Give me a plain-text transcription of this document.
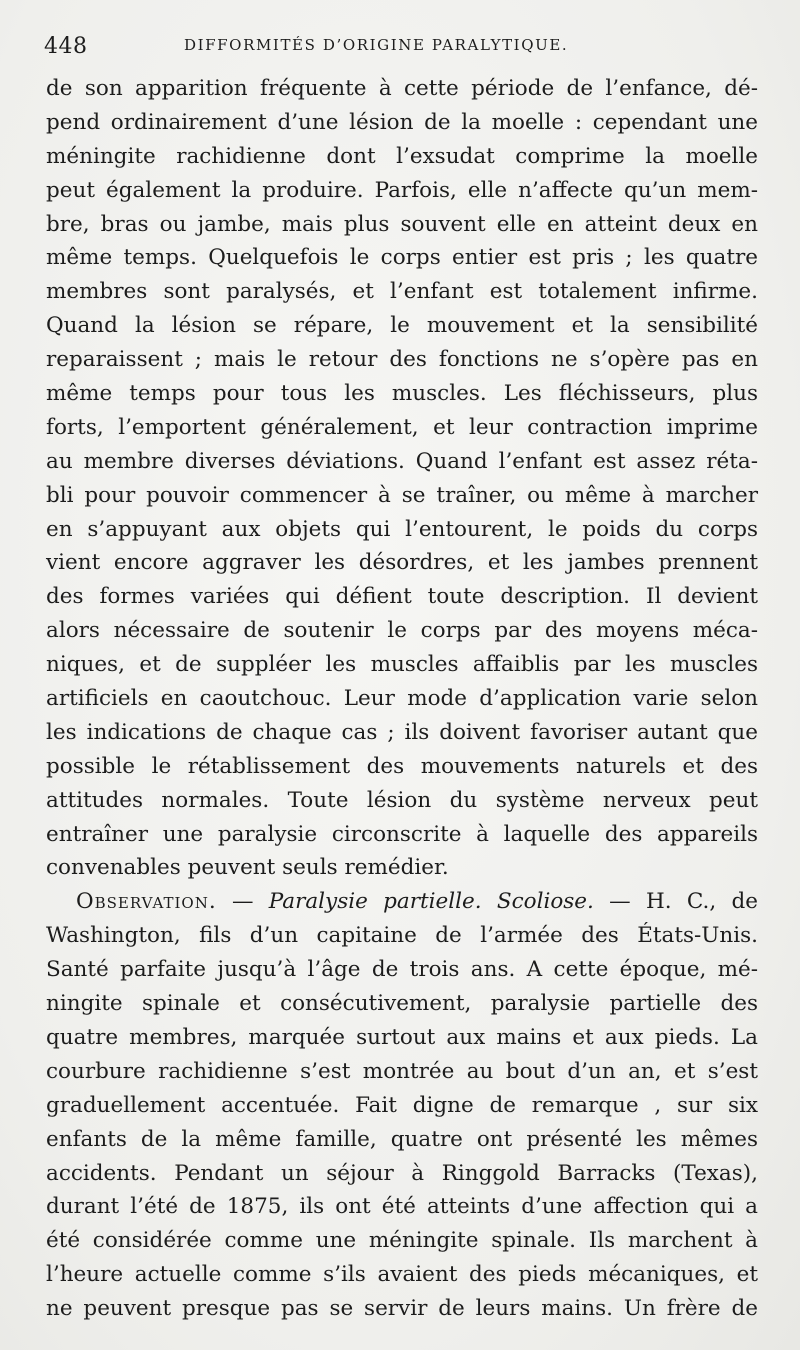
448	DIFFORMITÉS D’ORIGINE PARALYTIQUE.
de son apparition fréquente à cette période de l’enfance, dé-
pend ordinairement d’une lésion de la moelle : cependant une
méningite rachidienne dont l’exsudat comprime la moelle
peut également la produire. Parfois, elle n’affecte qu’un mem-
bre, bras ou jambe, mais plus souvent elle en atteint deux en
même temps. Quelquefois le corps entier est pris ; les quatre
membres sont paralysés, et l’enfant est totalement infirme.
Quand la lésion se répare, le mouvement et la sensibilité
reparaissent ; mais le retour des fonctions ne s’opère pas en
même temps pour tous les muscles. Les fléchisseurs, plus
forts, l’emportent généralement, et leur contraction imprime
au membre diverses déviations. Quand l’enfant est assez réta-
bli pour pouvoir commencer à se traîner, ou même à marcher
en s’appuyant aux objets qui l’entourent, le poids du corps
vient encore aggraver les désordres, et les jambes prennent
des formes variées qui défient toute description. Il devient
alors nécessaire de soutenir le corps par des moyens méca-
niques, et de suppléer les muscles affaiblis par les muscles
artificiels en caoutchouc. Leur mode d’application varie selon
les indications de chaque cas ; ils doivent favoriser autant que
possible le rétablissement des mouvements naturels et des
attitudes normales. Toute lésion du système nerveux peut
entraîner une paralysie circonscrite à laquelle des appareils
convenables peuvent seuls remédier.
Observation. — Paralysie partielle. Scoliose. — H. C., de
Washington, fils d’un capitaine de l’armée des États-Unis.
Santé parfaite jusqu’à l’âge de trois ans. A cette époque, mé-
ningite spinale et consécutivement, paralysie partielle des
quatre membres, marquée surtout aux mains et aux pieds. La
courbure rachidienne s’est montrée au bout d’un an, et s’est
graduellement accentuée. Fait digne de remarque , sur six
enfants de la même famille, quatre ont présenté les mêmes
accidents. Pendant un séjour à Ringgold Barracks (Texas),
durant l’été de 1875, ils ont été atteints d’une affection qui a
été considérée comme une méningite spinale. Ils marchent à
l’heure actuelle comme s’ils avaient des pieds mécaniques, et
ne peuvent presque pas se servir de leurs mains. Un frère de
